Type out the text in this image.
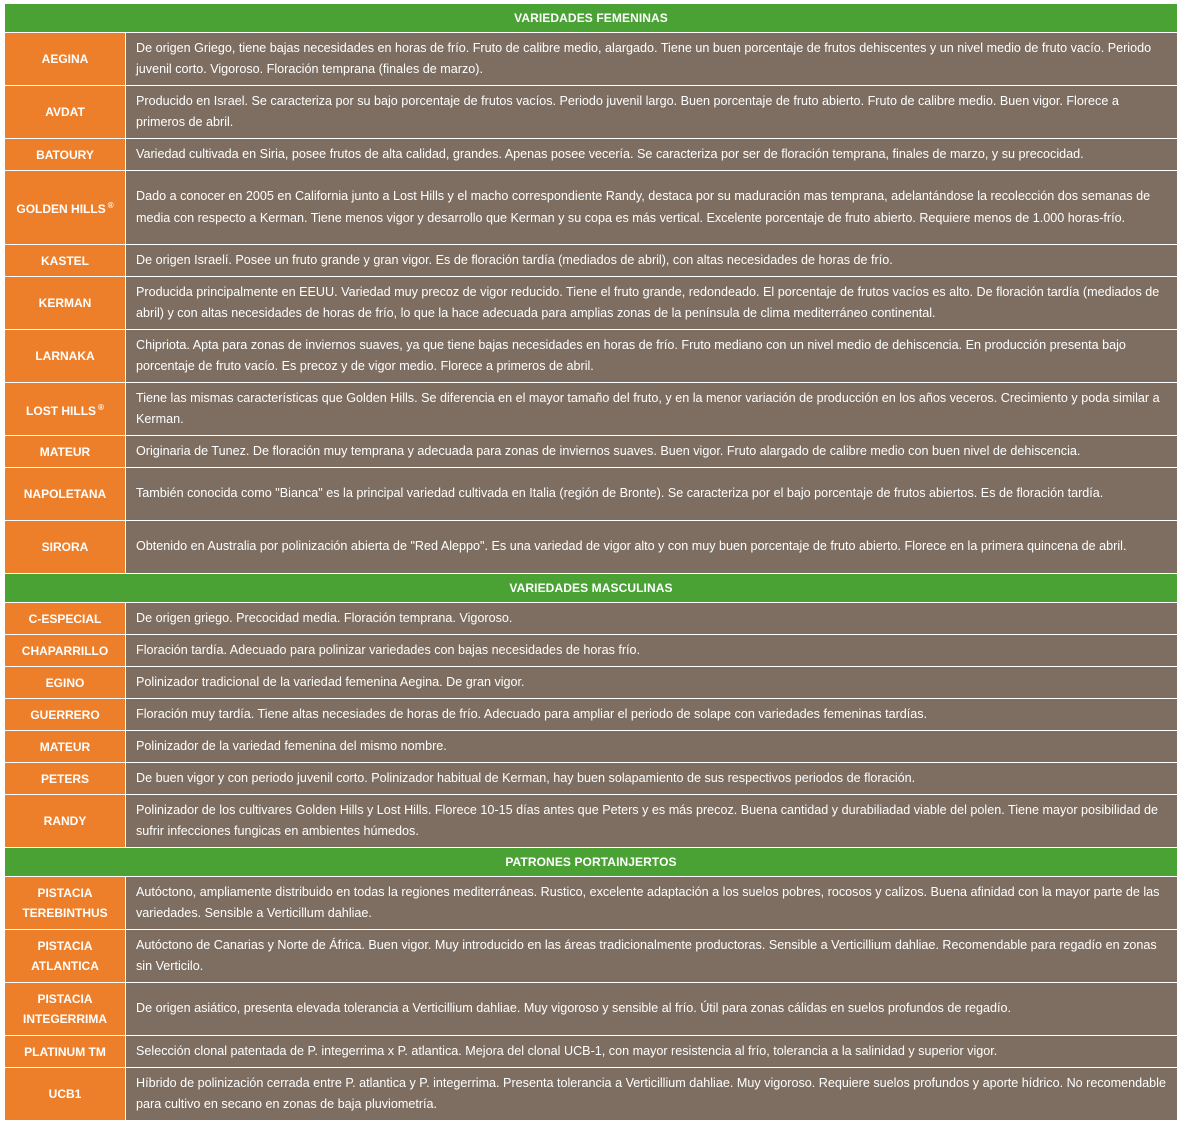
VARIEDADES FEMENINAS	
AEGINA	De origen Griego, tiene bajas necesidades en horas de frío. Fruto de calibre medio, alargado. Tiene un buen porcentaje de frutos dehiscentes y un nivel medio de fruto vacío. Periodo juvenil corto. Vigoroso. Floración temprana (finales de marzo).
AVDAT	Producido en Israel. Se caracteriza por su bajo porcentaje de frutos vacíos. Periodo juvenil largo. Buen porcentaje de fruto abierto. Fruto de calibre medio. Buen vigor. Florece a primeros de abril.
BATOURY	Variedad cultivada en Siria, posee frutos de alta calidad, grandes. Apenas posee vecería. Se caracteriza por ser de floración temprana, finales de marzo, y su precocidad.
GOLDEN HILLS ®	Dado a conocer en 2005 en California junto a Lost Hills y el macho correspondiente Randy, destaca por su maduración mas temprana, adelantándose la recolección dos semanas de media con respecto a Kerman. Tiene menos vigor y desarrollo que Kerman y su copa es más vertical. Excelente porcentaje de fruto abierto. Requiere menos de 1.000 horas-frío.
KASTEL	De origen Israelí. Posee un fruto grande y gran vigor. Es de floración tardía (mediados de abril), con altas necesidades de horas de frío.
KERMAN	Producida principalmente en EEUU. Variedad muy precoz de vigor reducido. Tiene el fruto grande, redondeado. El porcentaje de frutos vacíos es alto. De floración tardía (mediados de abril) y con altas necesidades de horas de frío, lo que la hace adecuada para amplias zonas de la península de clima mediterráneo continental.
LARNAKA	Chipriota. Apta para zonas de inviernos suaves, ya que tiene bajas necesidades en horas de frío. Fruto mediano con un nivel medio de dehiscencia. En producción presenta bajo porcentaje de fruto vacío. Es precoz y de vigor medio. Florece a primeros de abril.
LOST HILLS ®	Tiene las mismas características que Golden Hills. Se diferencia en el mayor tamaño del fruto, y en la menor variación de producción en los años veceros. Crecimiento y poda similar a Kerman.
MATEUR	Originaria de Tunez. De floración muy temprana y adecuada para zonas de inviernos suaves. Buen vigor. Fruto alargado de calibre medio con buen nivel de dehiscencia.
NAPOLETANA	También conocida como "Bianca" es la principal variedad cultivada en Italia (región de Bronte). Se caracteriza por el bajo porcentaje de frutos abiertos. Es de floración tardía.
SIRORA	Obtenido en Australia por polinización abierta de "Red Aleppo". Es una variedad de vigor alto y con muy buen porcentaje de fruto abierto. Florece en la primera quincena de abril.
VARIEDADES MASCULINAS	
C-ESPECIAL	De origen griego. Precocidad media. Floración temprana. Vigoroso.
CHAPARRILLO	Floración tardía. Adecuado para polinizar variedades con bajas necesidades de horas frío.
EGINO	Polinizador tradicional de la variedad femenina Aegina. De gran vigor.
GUERRERO	Floración muy tardía. Tiene altas necesiades de horas de frío. Adecuado para ampliar el periodo de solape con variedades femeninas tardías.
MATEUR	Polinizador de la variedad femenina del mismo nombre.
PETERS	De buen vigor y con periodo juvenil corto. Polinizador habitual de Kerman, hay buen solapamiento de sus respectivos periodos de floración.
RANDY	Polinizador de los cultivares Golden Hills y Lost Hills. Florece 10-15 días antes que Peters y es más precoz. Buena cantidad y durabiliadad viable del polen. Tiene mayor posibilidad de sufrir infecciones fungicas en ambientes húmedos.
PATRONES PORTAINJERTOS	
PISTACIA TEREBINTHUS	Autóctono, ampliamente distribuido en todas la regiones mediterráneas. Rustico, excelente adaptación a los suelos pobres, rocosos y calizos. Buena afinidad con la mayor parte de las variedades. Sensible a Verticillum dahliae.
PISTACIA ATLANTICA	Autóctono de Canarias y Norte de África. Buen vigor. Muy introducido en las áreas tradicionalmente productoras. Sensible a Verticillium dahliae. Recomendable para regadío en zonas sin Verticilo.
PISTACIA INTEGERRIMA	De origen asiático, presenta elevada tolerancia a Verticillium dahliae. Muy vigoroso y sensible al frío. Útil para zonas cálidas en suelos profundos de regadío.
PLATINUM TM	Selección clonal patentada de P. integerrima x P. atlantica. Mejora del clonal UCB-1, con mayor resistencia al frío, tolerancia a la salinidad y superior vigor.
UCB1	Híbrido de polinización cerrada entre P. atlantica y P. integerrima. Presenta tolerancia a Verticillium dahliae. Muy vigoroso. Requiere suelos profundos y aporte hídrico. No recomendable para cultivo en secano en zonas de baja pluviometría.
